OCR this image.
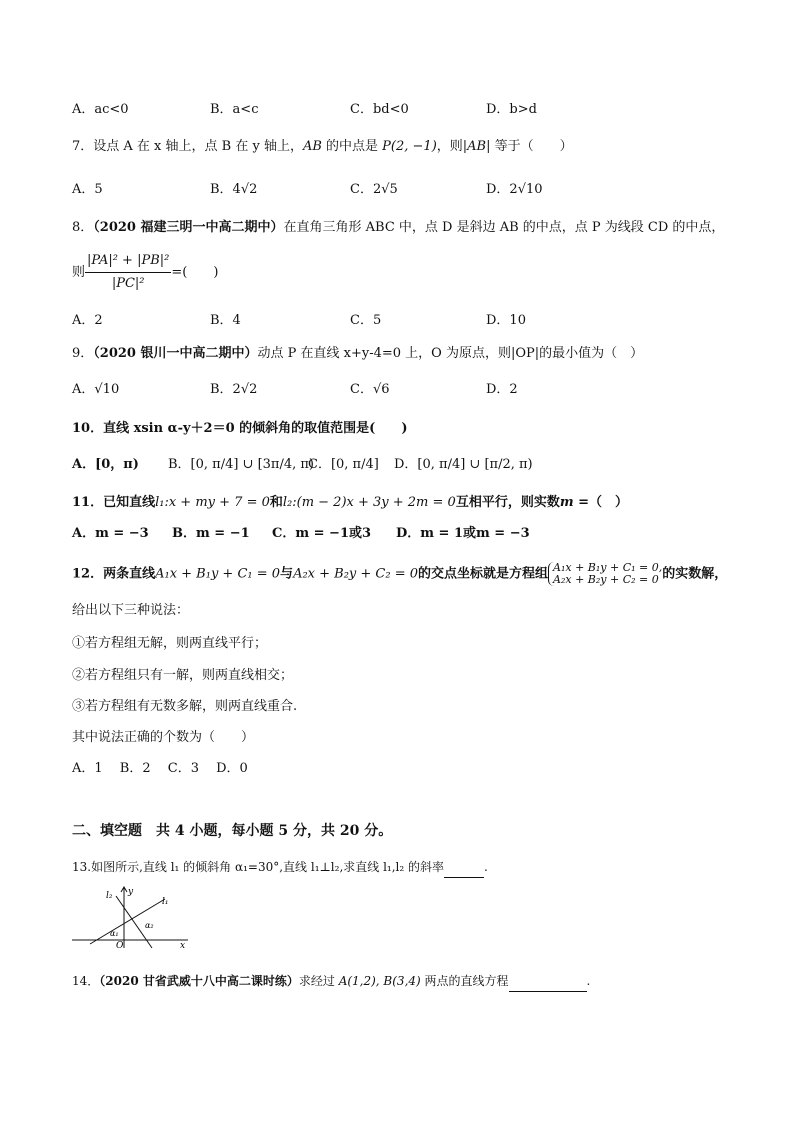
A．ac<0	B．a<c	C．bd<0	D．b>d
7．设点 A 在 x 轴上，点 B 在 y 轴上，AB 的中点是 P(2, −1)，则|AB| 等于（　　）
A．5	B．4√2	C．2√5	D．2√10
8．（2020 福建三明一中高二期中）在直角三角形 ABC 中，点 D 是斜边 AB 的中点，点 P 为线段 CD 的中点，
则 $\frac{\text{|PA|² + |PB|²}}{\text{|PC|²}}$ =(　　)
A．2	B．4	C．5	D．10
9．（2020 银川一中高二期中）动点 P 在直线 x+y-4=0 上，O 为原点，则|OP|的最小值为（　）
A．√10	B．2√2	C．√6	D．2
10．直线 xsin α-y＋2＝0 的倾斜角的取值范围是(　　)
A．[0，π) B．[0, π/4] ∪ [3π/4, π)
C．[0, π/4] D．[0, π/4] ∪ [π/2, π)
11．已知直线l₁:x + my + 7 = 0和l₂:(m − 2)x + 3y + 2m = 0互相平行，则实数m =（　）
A．m = −3 B．m = −1 C．m = −1或3 D．m = 1或m = −3
12．两条直线A₁x + B₁y + C₁ = 0与A₂x + B₂y + C₂ = 0的交点坐标就是方程组 A₁x + B₁y + C₁ = 0,
A₂x + B₂y + C₂ = 0 的实数解，
给出以下三种说法：
①若方程组无解，则两直线平行；
②若方程组只有一解，则两直线相交；
③若方程组有无数多解，则两直线重合.
其中说法正确的个数为（　　）
A．1　 B．2　 C．3　 D．0
二、填空题　共 4 小题，每小题 5 分，共 20 分。
13.如图所示,直线 l₁ 的倾斜角 α₁=30°,直线 l₁⊥l₂,求直线 l₁,l₂ 的斜率	.
l₂ y
l₁
α₁
α₂
O	x
14．（2020 甘省武威十八中高二课时练）求经过 A(1,2), B(3,4) 两点的直线方程	.
